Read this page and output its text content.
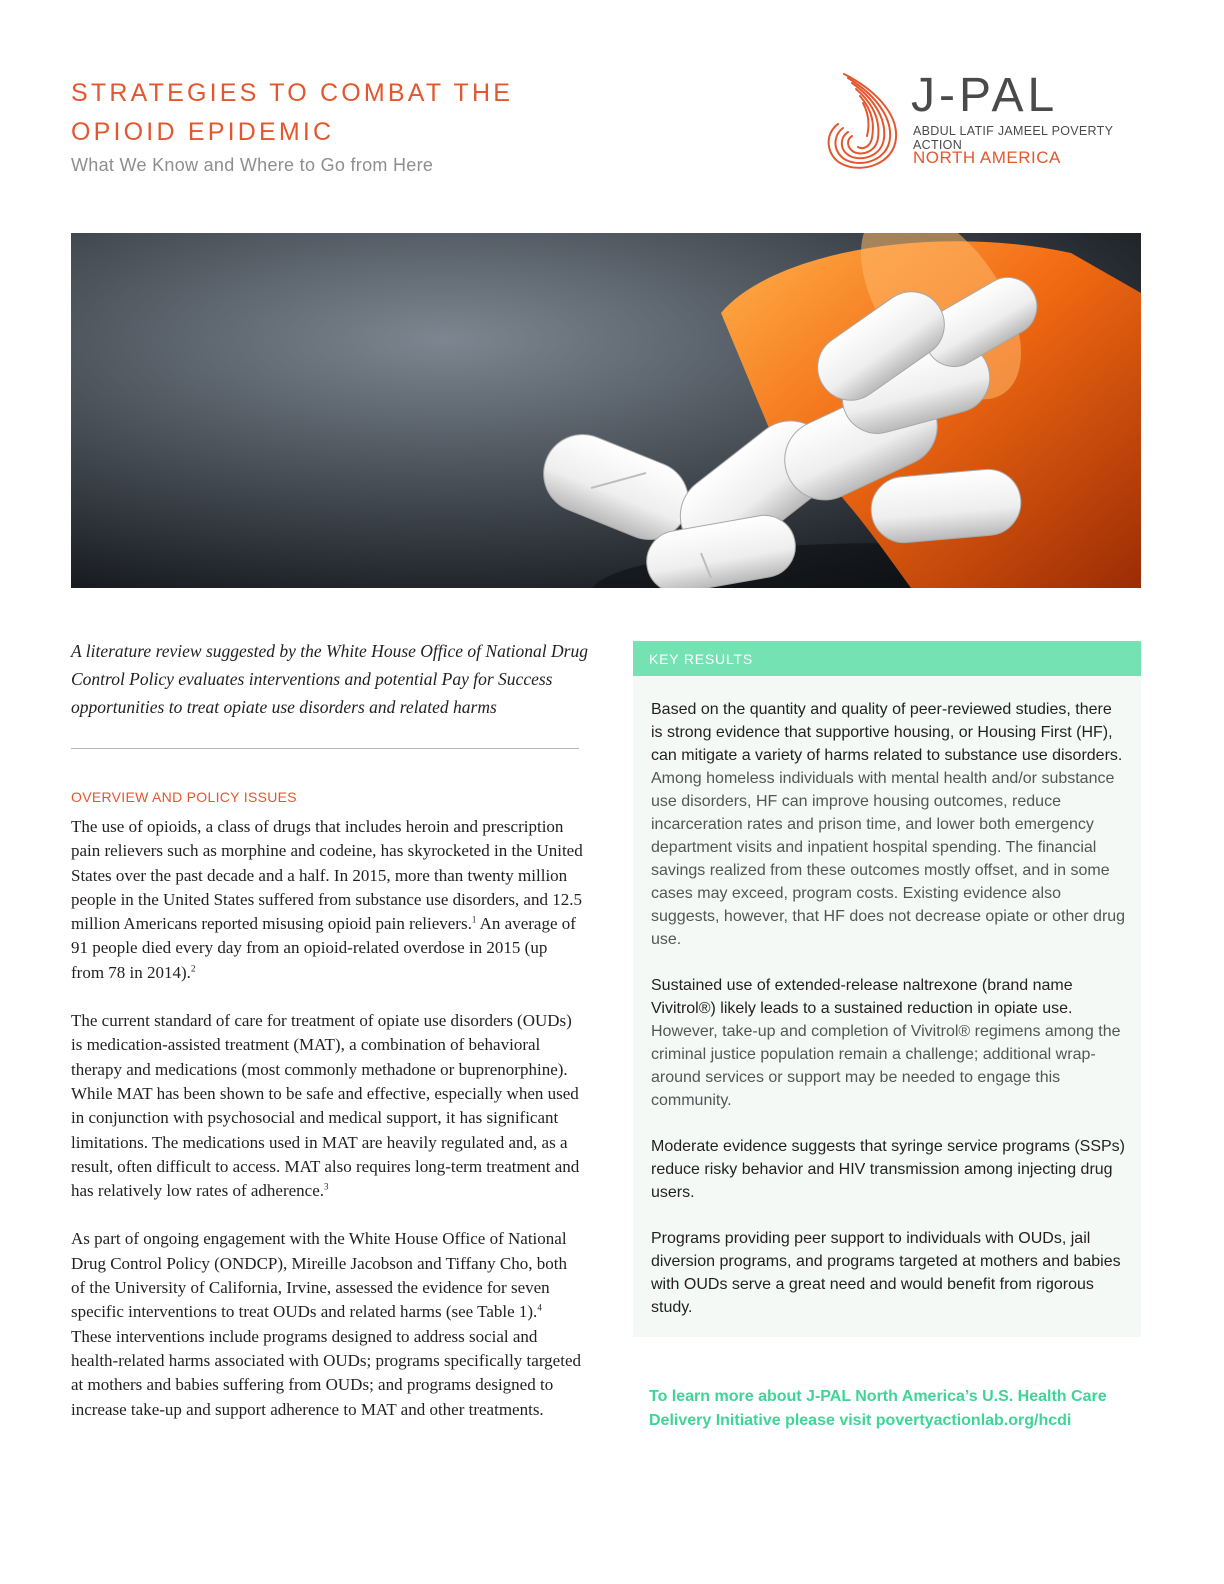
STRATEGIES TO COMBAT THE
OPIOID EPIDEMIC
What We Know and Where to Go from Here
J-PAL
ABDUL LATIF JAMEEL POVERTY ACTION
NORTH AMERICA

A literature review suggested by the White House Office of National Drug Control Policy evaluates interventions and potential Pay for Success opportunities to treat opiate use disorders and related harms

OVERVIEW AND POLICY ISSUES

The use of opioids, a class of drugs that includes heroin and prescription pain relievers such as morphine and codeine, has skyrocketed in the United States over the past decade and a half. In 2015, more than twenty million people in the United States suffered from substance use disorders, and 12.5 million Americans reported misusing opioid pain relievers.$^1$ An average of 91 people died every day from an opioid-related overdose in 2015 (up from 78 in 2014).$^2$

The current standard of care for treatment of opiate use disorders (OUDs) is medication-assisted treatment (MAT), a combination of behavioral therapy and medications (most commonly methadone or buprenorphine). While MAT has been shown to be safe and effective, especially when used in conjunction with psychosocial and medical support, it has significant limitations. The medications used in MAT are heavily regulated and, as a result, often difficult to access. MAT also requires long-term treatment and has relatively low rates of adherence.$^3$

As part of ongoing engagement with the White House Office of National Drug Control Policy (ONDCP), Mireille Jacobson and Tiffany Cho, both of the University of California, Irvine, assessed the evidence for seven specific interventions to treat OUDs and related harms (see Table 1).$^4$ These interventions include programs designed to address social and health-related harms associated with OUDs; programs specifically targeted at mothers and babies suffering from OUDs; and programs designed to increase take-up and support adherence to MAT and other treatments.

KEY RESULTS

Based on the quantity and quality of peer-reviewed studies, there is strong evidence that supportive housing, or Housing First (HF), can mitigate a variety of harms related to substance use disorders. Among homeless individuals with mental health and/or substance use disorders, HF can improve housing outcomes, reduce incarceration rates and prison time, and lower both emergency department visits and inpatient hospital spending. The financial savings realized from these outcomes mostly offset, and in some cases may exceed, program costs. Existing evidence also suggests, however, that HF does not decrease opiate or other drug use.

Sustained use of extended-release naltrexone (brand name Vivitrol®) likely leads to a sustained reduction in opiate use. However, take-up and completion of Vivitrol® regimens among the criminal justice population remain a challenge; additional wrap-around services or support may be needed to engage this community.

Moderate evidence suggests that syringe service programs (SSPs) reduce risky behavior and HIV transmission among injecting drug users.

Programs providing peer support to individuals with OUDs, jail diversion programs, and programs targeted at mothers and babies with OUDs serve a great need and would benefit from rigorous study.

To learn more about J-PAL North America’s U.S. Health Care Delivery Initiative please visit povertyactionlab.org/hcdi
